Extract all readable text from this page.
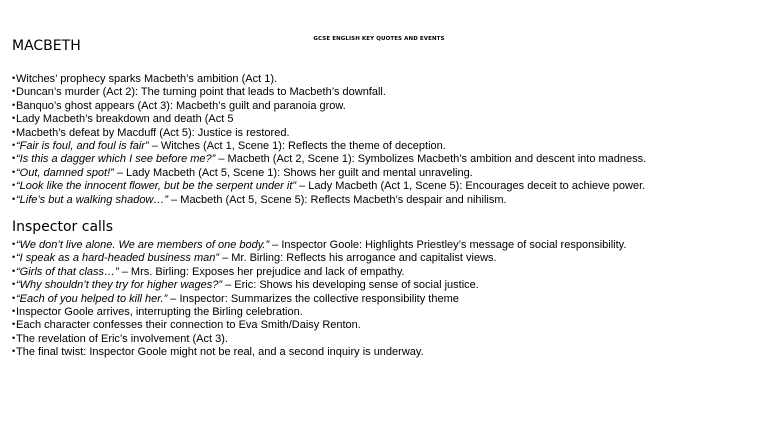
GCSE ENGLISH KEY QUOTES AND EVENTS
MACBETH
• Witches’ prophecy sparks Macbeth’s ambition (Act 1).
• Duncan’s murder (Act 2): The turning point that leads to Macbeth’s downfall.
• Banquo’s ghost appears (Act 3): Macbeth’s guilt and paranoia grow.
• Lady Macbeth’s breakdown and death (Act 5
• Macbeth’s defeat by Macduff (Act 5): Justice is restored.
• “Fair is foul, and foul is fair” – Witches (Act 1, Scene 1): Reflects the theme of deception.
• “Is this a dagger which I see before me?” – Macbeth (Act 2, Scene 1): Symbolizes Macbeth’s ambition and descent into madness.
• “Out, damned spot!” – Lady Macbeth (Act 5, Scene 1): Shows her guilt and mental unraveling.
• “Look like the innocent flower, but be the serpent under it” – Lady Macbeth (Act 1, Scene 5): Encourages deceit to achieve power.
• “Life’s but a walking shadow…” – Macbeth (Act 5, Scene 5): Reflects Macbeth’s despair and nihilism.
Inspector calls
• “We don’t live alone. We are members of one body.” – Inspector Goole: Highlights Priestley’s message of social responsibility.
• “I speak as a hard-headed business man” – Mr. Birling: Reflects his arrogance and capitalist views.
• “Girls of that class…” – Mrs. Birling: Exposes her prejudice and lack of empathy.
• “Why shouldn’t they try for higher wages?” – Eric: Shows his developing sense of social justice.
• “Each of you helped to kill her.” – Inspector: Summarizes the collective responsibility theme
• Inspector Goole arrives, interrupting the Birling celebration.
• Each character confesses their connection to Eva Smith/Daisy Renton.
• The revelation of Eric’s involvement (Act 3).
• The final twist: Inspector Goole might not be real, and a second inquiry is underway.
